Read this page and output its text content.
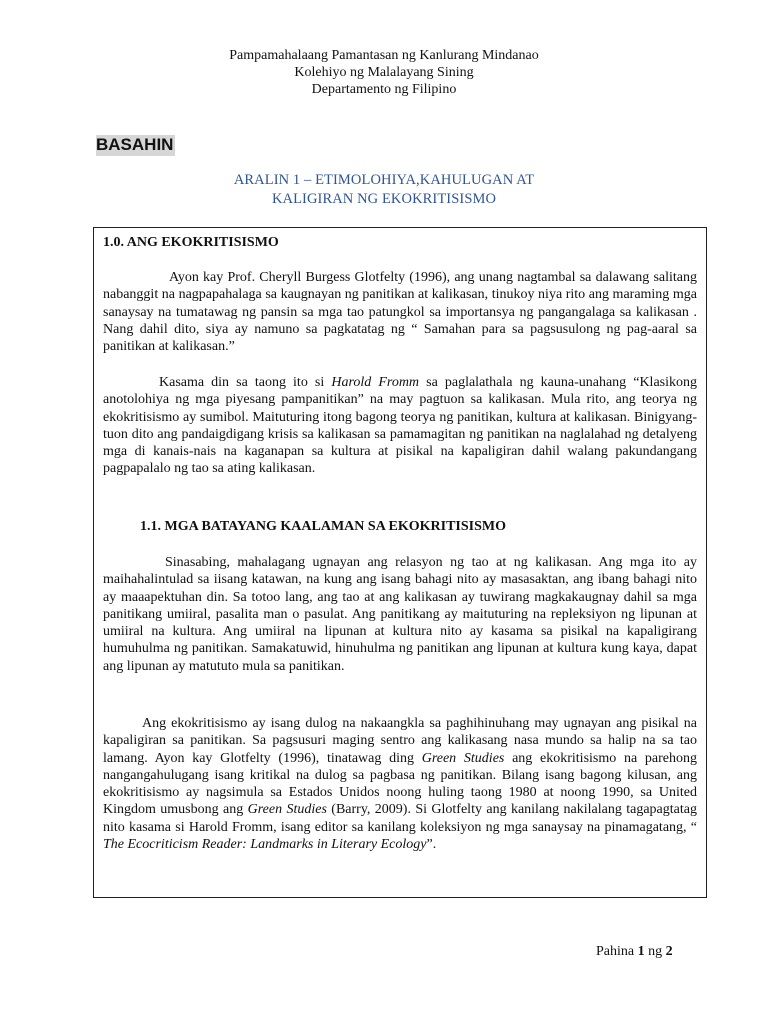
Pampamahalaang Pamantasan ng Kanlurang Mindanao
Kolehiyo ng Malalayang Sining
Departamento ng Filipino
BASAHIN
ARALIN 1 – ETIMOLOHIYA,KAHULUGAN AT
KALIGIRAN NG EKOKRITISISMO
1.0. ANG EKOKRITISISMO
Ayon kay Prof. Cheryll Burgess Glotfelty (1996), ang unang nagtambal sa dalawang salitang nabanggit na nagpapahalaga sa kaugnayan ng panitikan at kalikasan, tinukoy niya rito ang maraming mga sanaysay na tumatawag ng pansin sa mga tao patungkol sa importansya ng pangangalaga sa kalikasan . Nang dahil dito, siya ay namuno sa pagkatatag ng “ Samahan para sa pagsusulong ng pag-aaral sa panitikan at kalikasan.”
Kasama din sa taong ito si Harold Fromm sa paglalathala ng kauna-unahang “Klasikong anotolohiya ng mga piyesang pampanitikan” na may pagtuon sa kalikasan. Mula rito, ang teorya ng ekokritisismo ay sumibol. Maituturing itong bagong teorya ng panitikan, kultura at kalikasan. Binigyang-tuon dito ang pandaigdigang krisis sa kalikasan sa pamamagitan ng panitikan na naglalahad ng detalyeng mga di kanais-nais na kaganapan sa kultura at pisikal na kapaligiran dahil walang pakundangang pagpapalalo ng tao sa ating kalikasan.
1.1. MGA BATAYANG KAALAMAN SA EKOKRITISISMO
Sinasabing, mahalagang ugnayan ang relasyon ng tao at ng kalikasan. Ang mga ito ay maihahalintulad sa iisang katawan, na kung ang isang bahagi nito ay masasaktan, ang ibang bahagi nito ay maaapektuhan din. Sa totoo lang, ang tao at ang kalikasan ay tuwirang magkakaugnay dahil sa mga panitikang umiiral, pasalita man o pasulat. Ang panitikang ay maituturing na repleksiyon ng lipunan at umiiral na kultura. Ang umiiral na lipunan at kultura nito ay kasama sa pisikal na kapaligirang humuhulma ng panitikan. Samakatuwid, hinuhulma ng panitikan ang lipunan at kultura kung kaya, dapat ang lipunan ay matututo mula sa panitikan.
Ang ekokritisismo ay isang dulog na nakaangkla sa paghihinuhang may ugnayan ang pisikal na kapaligiran sa panitikan. Sa pagsusuri maging sentro ang kalikasang nasa mundo sa halip na sa tao lamang. Ayon kay Glotfelty (1996), tinatawag ding Green Studies ang ekokritisismo na parehong nangangahulugang isang kritikal na dulog sa pagbasa ng panitikan. Bilang isang bagong kilusan, ang ekokritisismo ay nagsimula sa Estados Unidos noong huling taong 1980 at noong 1990, sa United Kingdom umusbong ang Green Studies (Barry, 2009). Si Glotfelty ang kanilang nakilalang tagapagtatag nito kasama si Harold Fromm, isang editor sa kanilang koleksiyon ng mga sanaysay na pinamagatang, “ The Ecocriticism Reader: Landmarks in Literary Ecology”.
Pahina 1 ng 2
